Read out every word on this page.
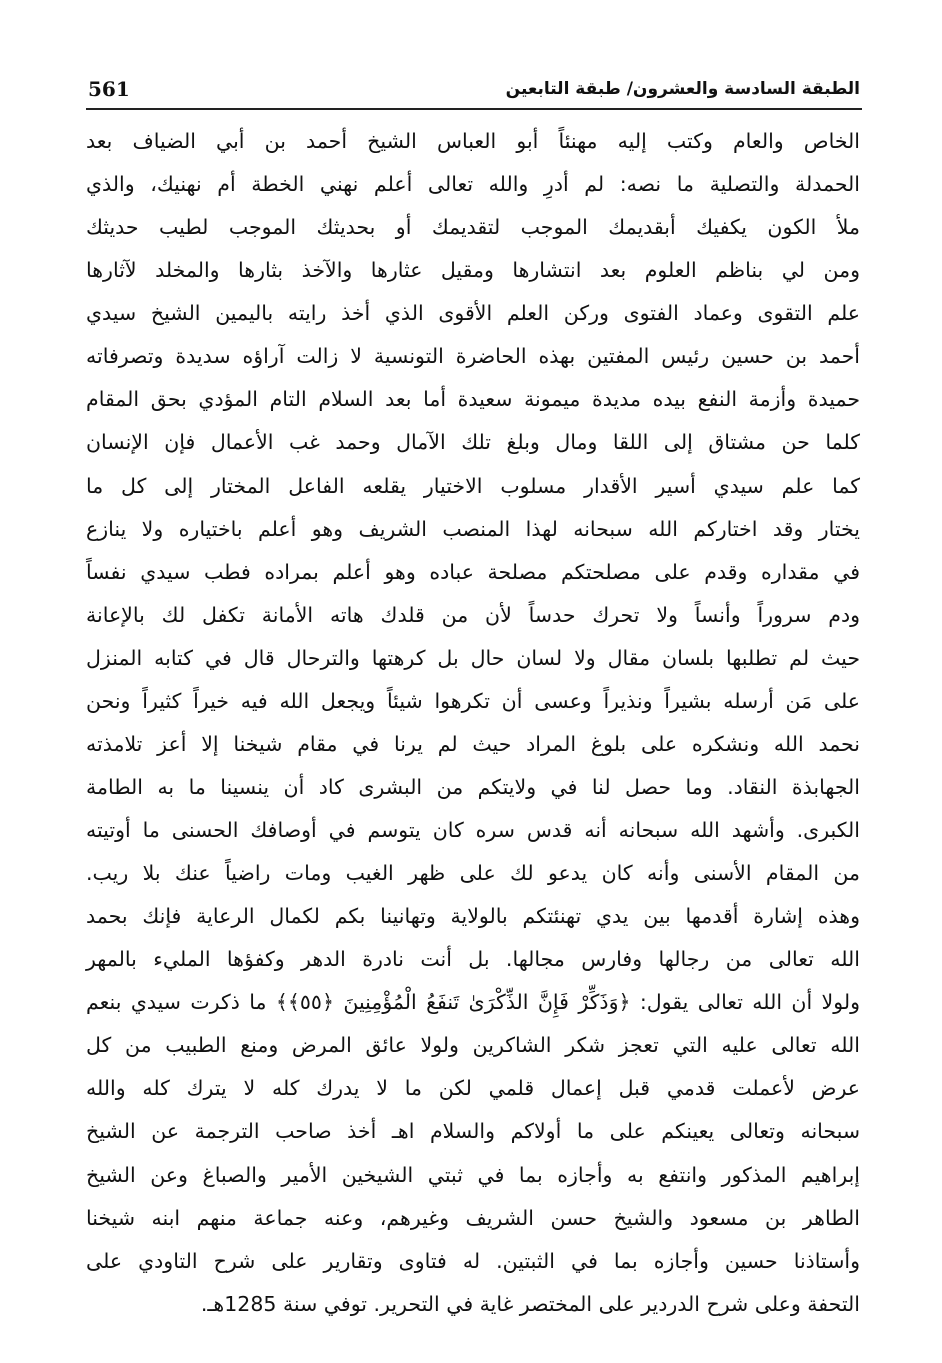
561	الطبقة السادسة والعشرون/ طبقة التابعين
الخاص والعام وكتب إليه مهنئاً أبو العباس الشيخ أحمد بن أبي الضياف بعد
الحمدلة والتصلية ما نصه: لم أدرِ والله تعالى أعلم نهني الخطة أم نهنيك، والذي
ملأ الكون يكفيك أبقديمك الموجب لتقديمك أو بحديثك الموجب لطيب حديثك
ومن لي بناظم العلوم بعد انتشارها ومقيل عثارها والآخذ بثارها والمخلد لآثارها
علم التقوى وعماد الفتوى وركن العلم الأقوى الذي أخذ رايته باليمين الشيخ سيدي
أحمد بن حسين رئيس المفتين بهذه الحاضرة التونسية لا زالت آراؤه سديدة وتصرفاته
حميدة وأزمة النفع بيده مديدة ميمونة سعيدة أما بعد السلام التام المؤدي بحق المقام
كلما حن مشتاق إلى اللقا ومال وبلغ تلك الآمال وحمد غب الأعمال فإن الإنسان
كما علم سيدي أسير الأقدار مسلوب الاختيار يقلعه الفاعل المختار إلى كل ما
يختار وقد اختاركم الله سبحانه لهذا المنصب الشريف وهو أعلم باختياره ولا ينازع
في مقداره وقدم على مصلحتكم مصلحة عباده وهو أعلم بمراده فطب سيدي نفساً
ودم سروراً وأنساً ولا تحرك حدساً لأن من قلدك هاته الأمانة تكفل لك بالإعانة
حيث لم تطلبها بلسان مقال ولا لسان حال بل كرهتها والترحال قال في كتابه المنزل
على مَن أرسله بشيراً ونذيراً وعسى أن تكرهوا شيئاً ويجعل الله فيه خيراً كثيراً ونحن
نحمد الله ونشكره على بلوغ المراد حيث لم يرنا في مقام شيخنا إلا أعز تلامذته
الجهابذة النقاد. وما حصل لنا في ولايتكم من البشرى كاد أن ينسينا ما به الطامة
الكبرى. وأشهد الله سبحانه أنه قدس سره كان يتوسم في أوصافك الحسنى ما أوتيته
من المقام الأسنى وأنه كان يدعو لك على ظهر الغيب ومات راضياً عنك بلا ريب.
وهذه إشارة أقدمها بين يدي تهنئتكم بالولاية وتهانينا بكم لكمال الرعاية فإنك بحمد
الله تعالى من رجالها وفارس مجالها. بل أنت نادرة الدهر وكفؤها المليء بالمهر
ولولا أن الله تعالى يقول: ﴿وَذَكِّرْ فَإِنَّ الذِّكْرَىٰ تَنفَعُ الْمُؤْمِنِينَ ﴿٥٥﴾﴾ ما ذكرت سيدي بنعم
الله تعالى عليه التي تعجز شكر الشاكرين ولولا عائق المرض ومنع الطبيب من كل
عرض لأعملت قدمي قبل إعمال قلمي لكن ما لا يدرك كله لا يترك كله والله
سبحانه وتعالى يعينكم على ما أولاكم والسلام اهـ أخذ صاحب الترجمة عن الشيخ
إبراهيم المذكور وانتفع به وأجازه بما في ثبتي الشيخين الأمير والصباغ وعن الشيخ
الطاهر بن مسعود والشيخ حسن الشريف وغيرهم، وعنه جماعة منهم ابنه شيخنا
وأستاذنا حسين وأجازه بما في الثبتين. له فتاوى وتقارير على شرح التاودي على
التحفة وعلى شرح الدردير على المختصر غاية في التحرير. توفي سنة 1285هـ.
